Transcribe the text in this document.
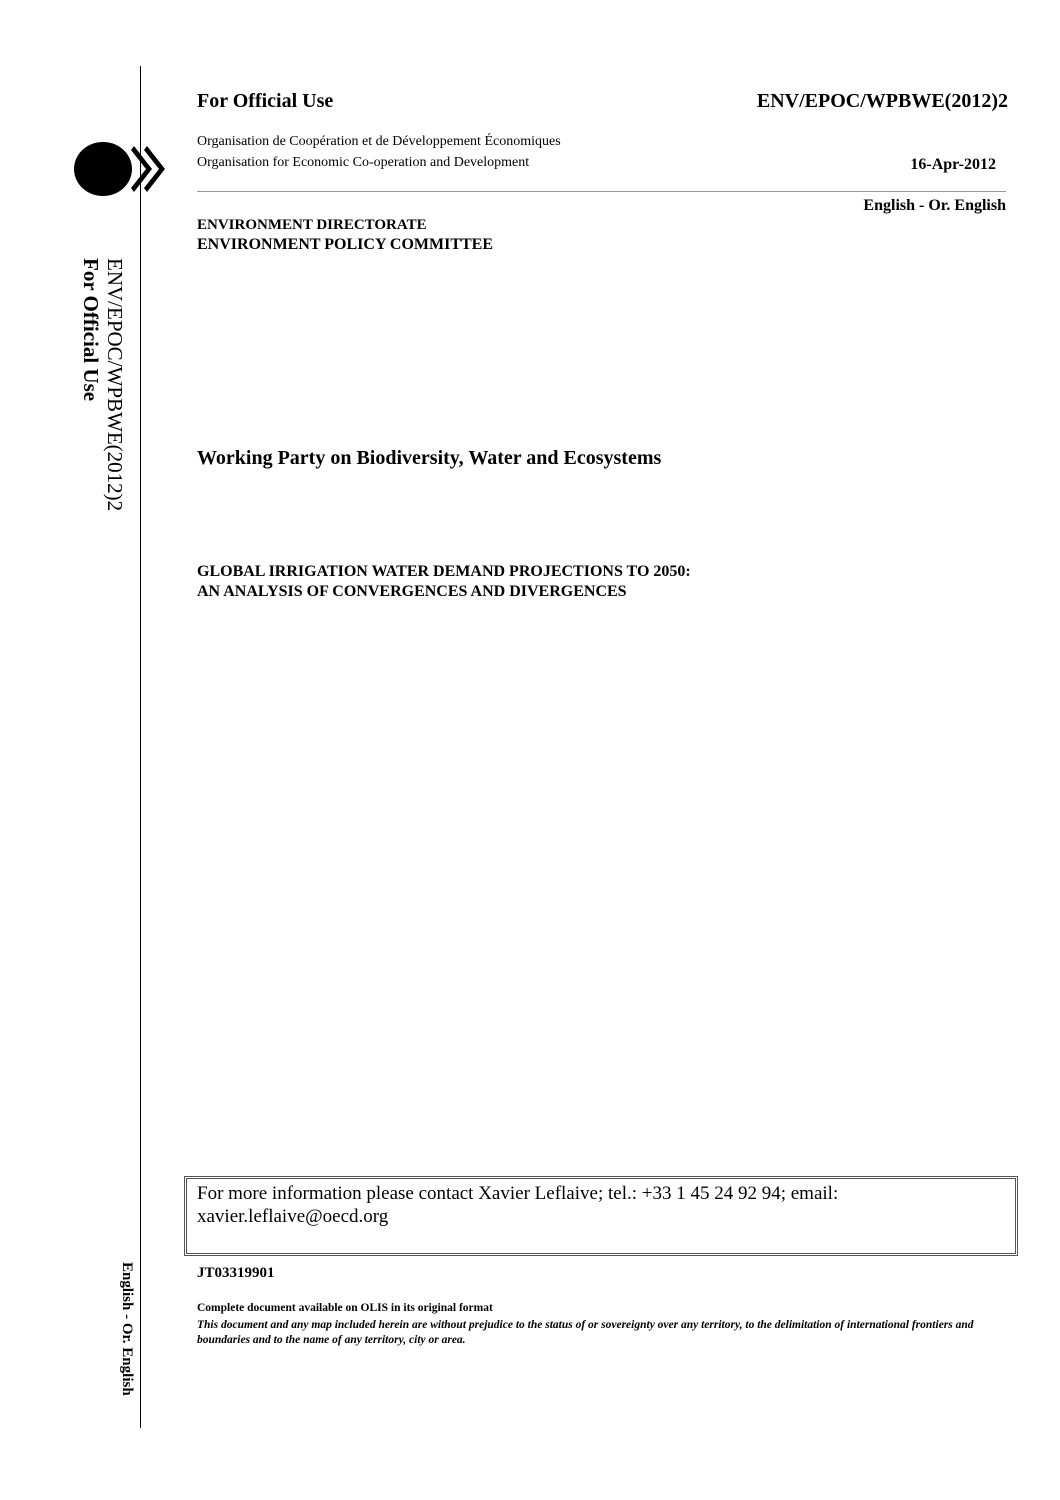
ENV/EPOC/WPBWE(2012)2
For Official Use
English - Or. English
For Official Use	ENV/EPOC/WPBWE(2012)2
Organisation de Coopération et de Développement Économiques
Organisation for Economic Co-operation and Development	16-Apr-2012
English - Or. English
ENVIRONMENT DIRECTORATE
ENVIRONMENT POLICY COMMITTEE
Working Party on Biodiversity, Water and Ecosystems
GLOBAL IRRIGATION WATER DEMAND PROJECTIONS TO 2050:
AN ANALYSIS OF CONVERGENCES AND DIVERGENCES
For more information please contact Xavier Leflaive; tel.: +33 1 45 24 92 94; email: xavier.leflaive@oecd.org
JT03319901
Complete document available on OLIS in its original format
This document and any map included herein are without prejudice to the status of or sovereignty over any territory, to the delimitation of international frontiers and boundaries and to the name of any territory, city or area.
